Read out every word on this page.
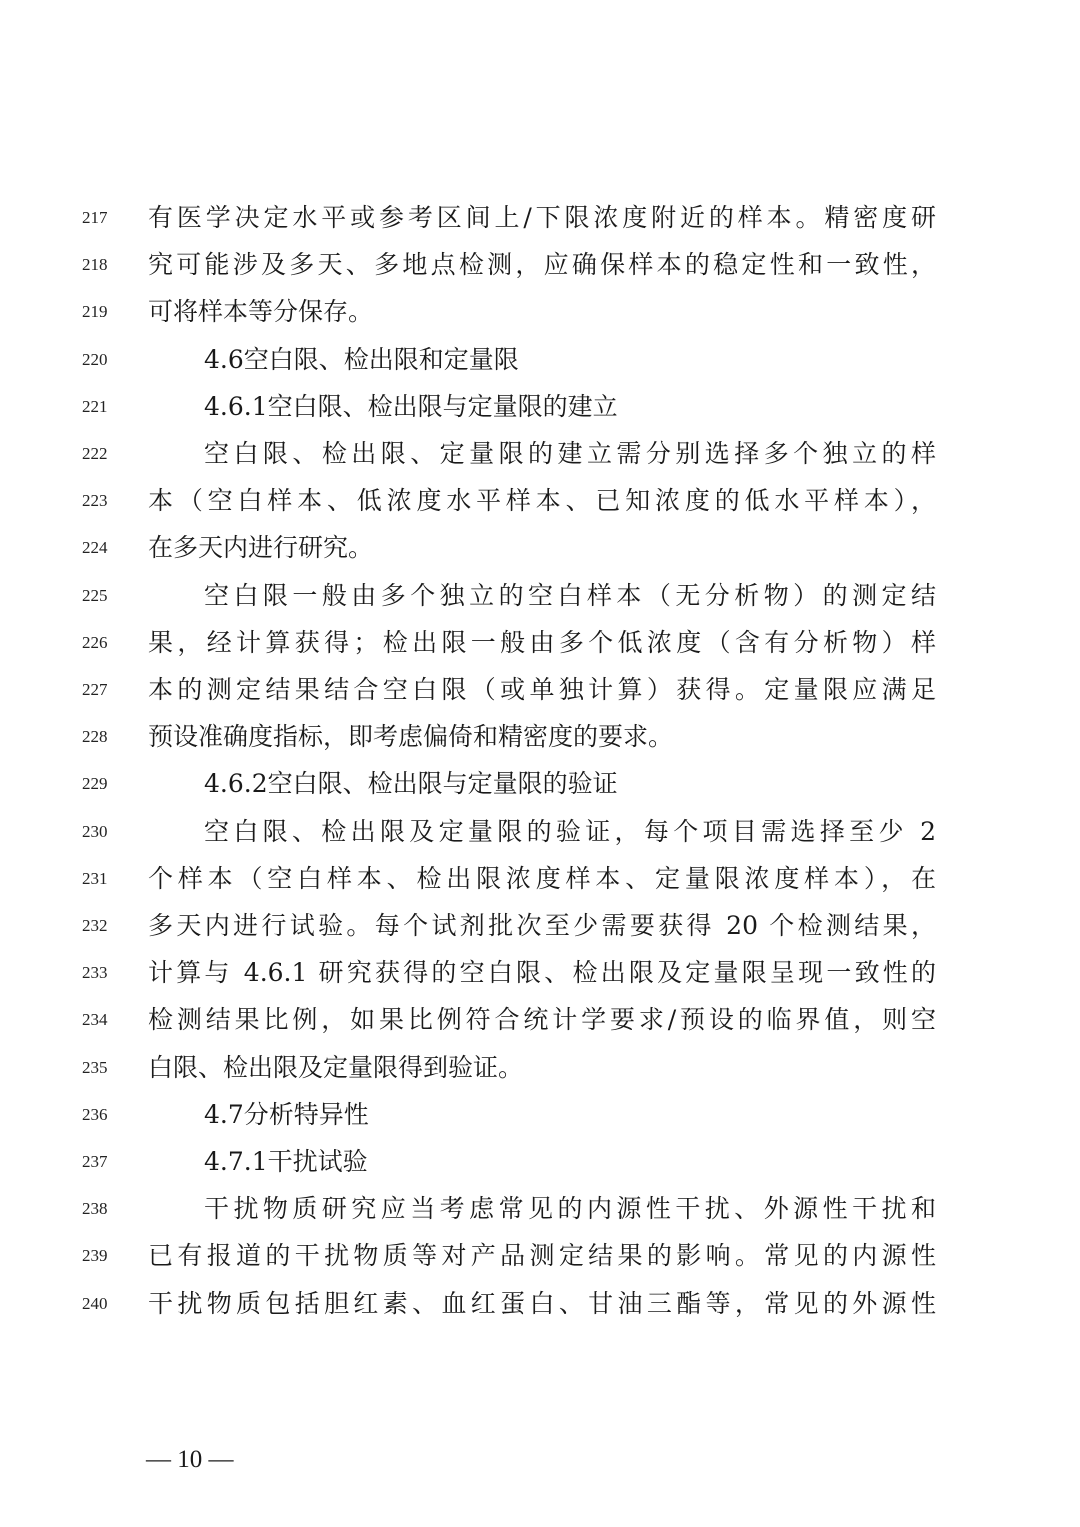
217	有医学决定水平或参考区间上/下限浓度附近的样本。精密度研
218	究可能涉及多天、多地点检测，应确保样本的稳定性和一致性，
219	可将样本等分保存。
220	4.6空白限、检出限和定量限
221	4.6.1空白限、检出限与定量限的建立
222	空白限、检出限、定量限的建立需分别选择多个独立的样
223	本（空白样本、低浓度水平样本、已知浓度的低水平样本），
224	在多天内进行研究。
225	空白限一般由多个独立的空白样本（无分析物）的测定结
226	果，经计算获得；检出限一般由多个低浓度（含有分析物）样
227	本的测定结果结合空白限（或单独计算）获得。定量限应满足
228	预设准确度指标，即考虑偏倚和精密度的要求。
229	4.6.2空白限、检出限与定量限的验证
230	空白限、检出限及定量限的验证，每个项目需选择至少 2
231	个样本（空白样本、检出限浓度样本、定量限浓度样本），在
232	多天内进行试验。每个试剂批次至少需要获得 20 个检测结果，
233	计算与 4.6.1 研究获得的空白限、检出限及定量限呈现一致性的
234	检测结果比例，如果比例符合统计学要求/预设的临界值，则空
235	白限、检出限及定量限得到验证。
236	4.7分析特异性
237	4.7.1干扰试验
238	干扰物质研究应当考虑常见的内源性干扰、外源性干扰和
239	已有报道的干扰物质等对产品测定结果的影响。常见的内源性
240	干扰物质包括胆红素、血红蛋白、甘油三酯等，常见的外源性
— 10 —
